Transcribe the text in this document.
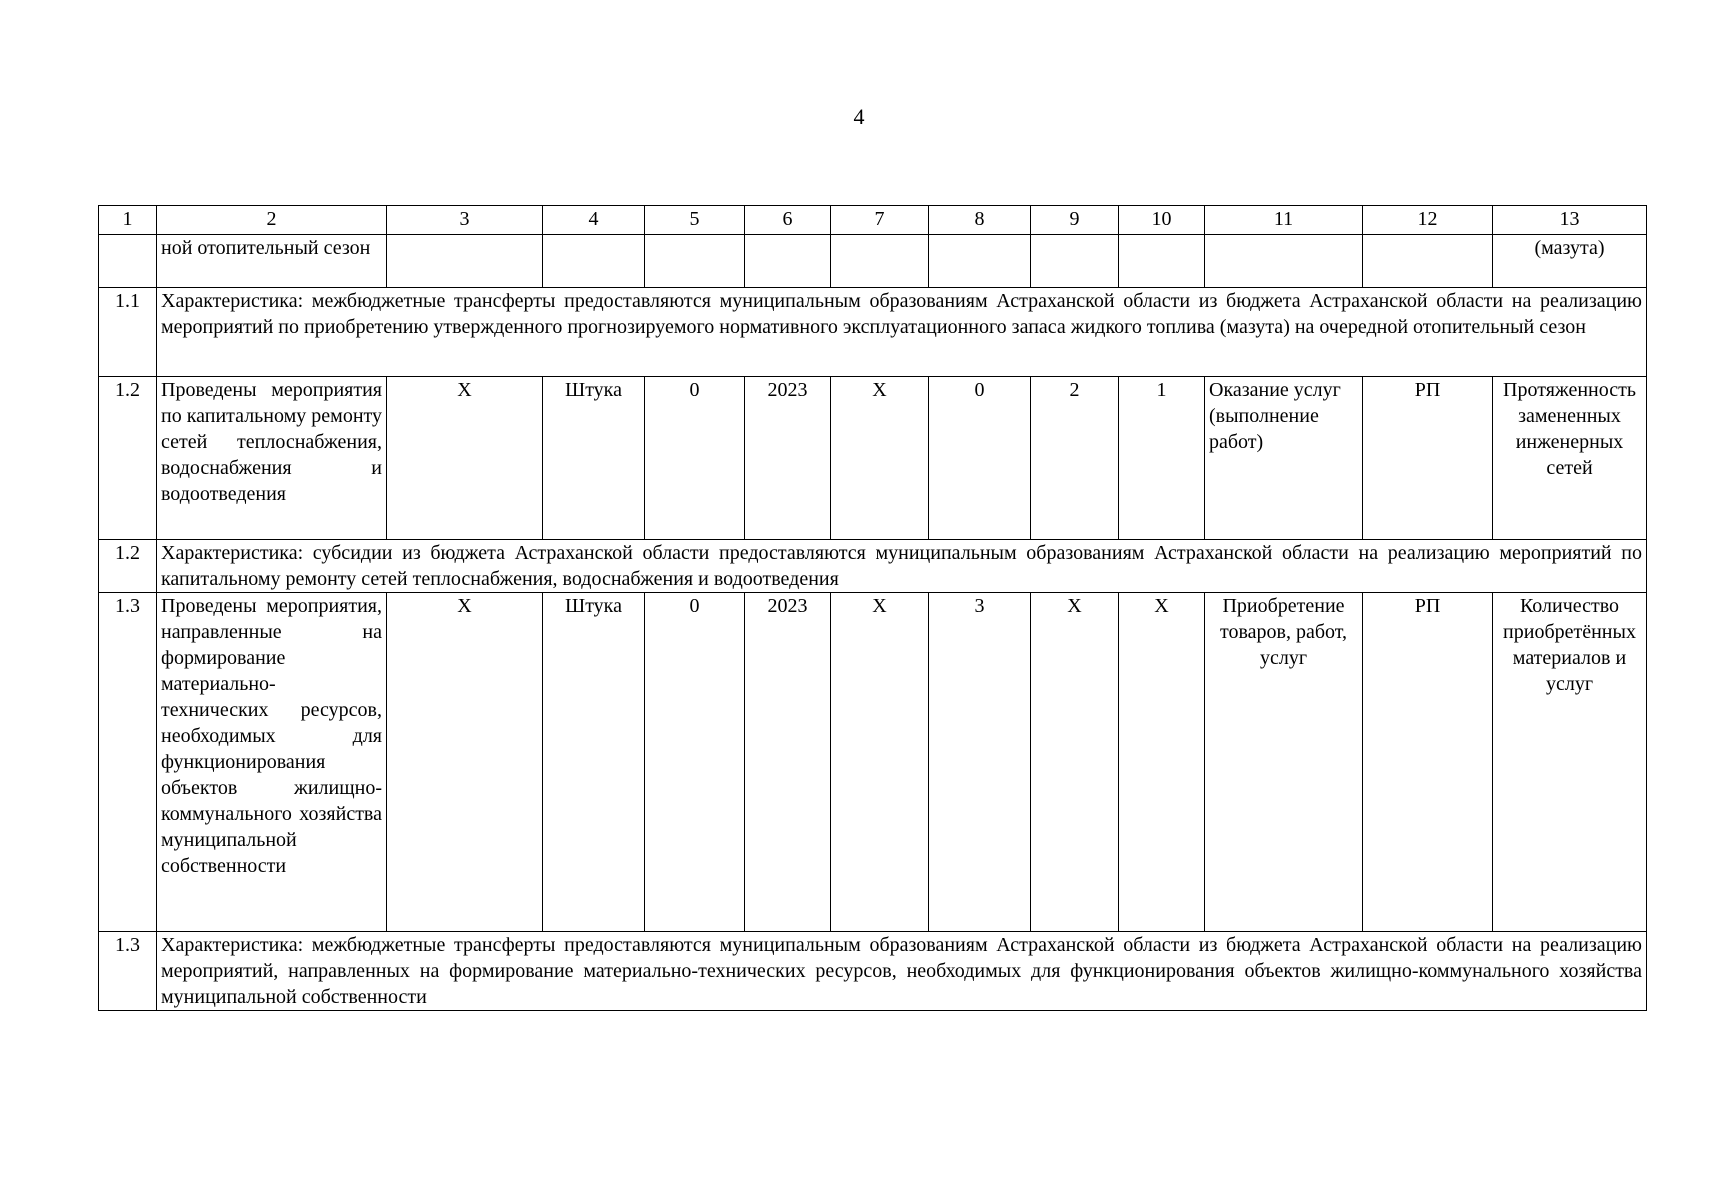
4
1	2	3	4	5	6	7	8	9	10	11	12	13
	ной отопительный сезон											(мазута)
1.1	Характеристика: межбюджетные трансферты предоставляются муниципальным образованиям Астраханской области из бюджета Астраханской области на реализацию мероприятий по приобретению утвержденного прогнозируемого нормативного эксплуатационного запаса жидкого топлива (мазута) на очередной отопительный сезон											
1.2	Проведены мероприятия по капитальному ремонту сетей теплоснабжения, водоснабжения и водоотведения	Х	Штука	0	2023	Х	0	2	1	Оказание услуг (выполнение работ)	РП	Протяженность замененных инженерных сетей
1.2	Характеристика: субсидии из бюджета Астраханской области предоставляются муниципальным образованиям Астраханской области на реализацию мероприятий по капитальному ремонту сетей теплоснабжения, водоснабжения и водоотведения											
1.3	Проведены мероприятия, направленные на формирование материально-технических ресурсов, необходимых для функционирования объектов жилищно-коммунального хозяйства муниципальной собственности	Х	Штука	0	2023	Х	3	Х	Х	Приобретение товаров, работ, услуг	РП	Количество приобретённых материалов и услуг
1.3	Характеристика: межбюджетные трансферты предоставляются муниципальным образованиям Астраханской области из бюджета Астраханской области на реализацию мероприятий, направленных на формирование материально-технических ресурсов, необходимых для функционирования объектов жилищно-коммунального хозяйства муниципальной собственности											
